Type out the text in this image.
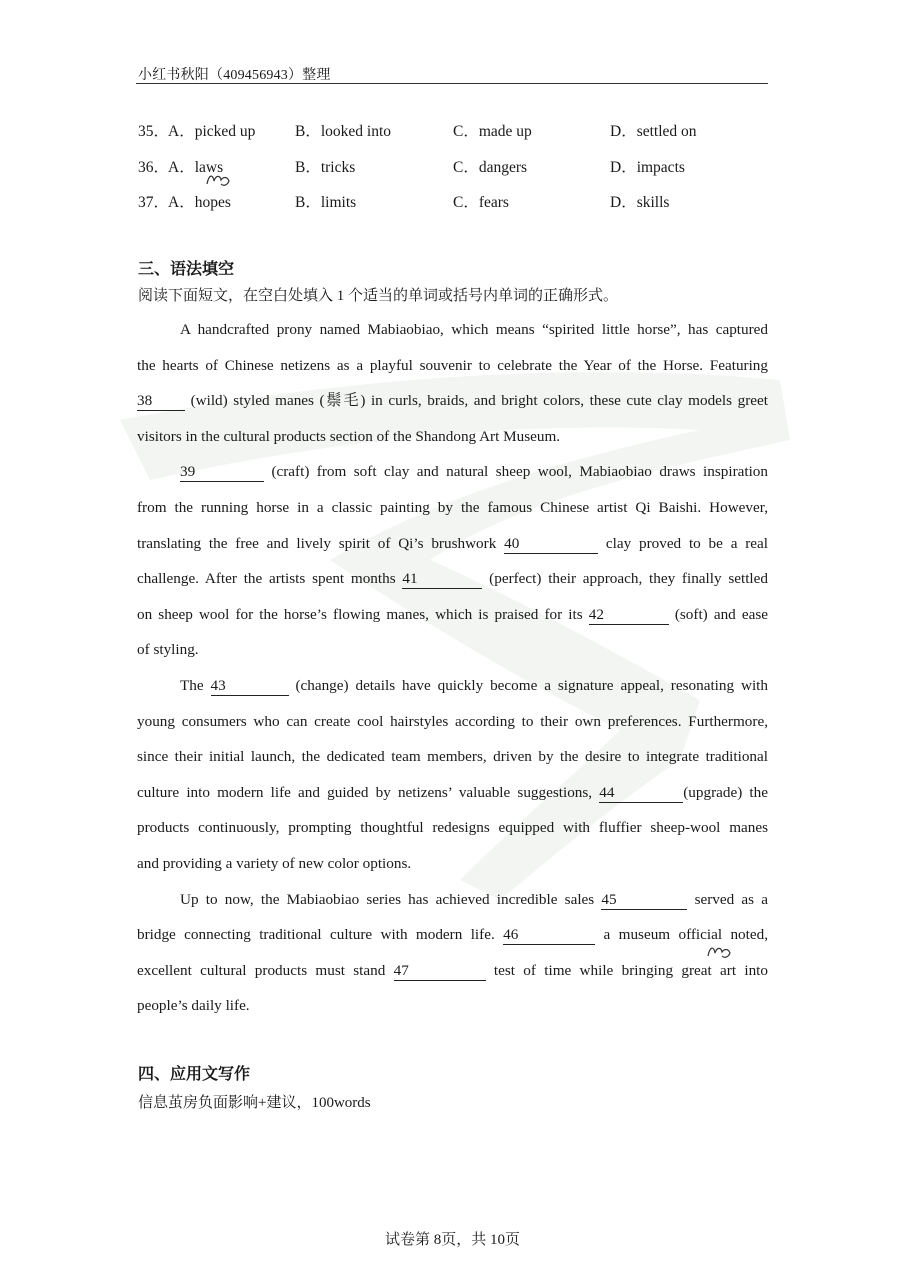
小红书秋阳（409456943）整理
35．
A．picked up	B．looked into	C．made up	D．settled on
36．
A．laws	B．tricks	C．dangers	D．impacts
37．
A．hopes	B．limits	C．fears	D．skills
三、语法填空
阅读下面短文，在空白处填入 1 个适当的单词或括号内单词的正确形式。
A handcrafted prony named Mabiaobiao, which means “spirited little horse”, has captured
the hearts of Chinese netizens as a playful souvenir to celebrate the Year of the Horse. Featuring
38 (wild) styled manes (鬃毛) in curls, braids, and bright colors, these cute clay models greet
visitors in the cultural products section of the Shandong Art Museum.
39	(craft) from soft clay and natural sheep wool, Mabiaobiao draws inspiration
from the running horse in a classic painting by the famous Chinese artist Qi Baishi. However,
translating the free and lively spirit of Qi’s brushwork 40	clay proved to be a real
challenge. After the artists spent months 41	(perfect) their approach, they finally settled
on sheep wool for the horse’s flowing manes, which is praised for its 42	(soft) and ease
of styling.
The 43	(change) details have quickly become a signature appeal, resonating with
young consumers who can create cool hairstyles according to their own preferences. Furthermore,
since their initial launch, the dedicated team members, driven by the desire to integrate traditional
culture into modern life and guided by netizens’ valuable suggestions, 44	(upgrade) the
products continuously, prompting thoughtful redesigns equipped with fluffier sheep-wool manes
and providing a variety of new color options.
Up to now, the Mabiaobiao series has achieved incredible sales 45	served as a
bridge connecting traditional culture with modern life. 46	a museum official noted,
excellent cultural products must stand 47	test of time while bringing great art into
people’s daily life.
四、应用文写作
信息茧房负面影响+建议，100words
试卷第 8页，共 10页
